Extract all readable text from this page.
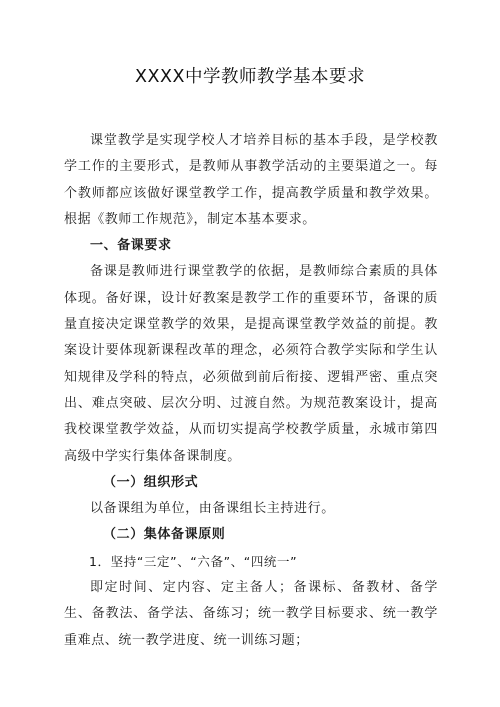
XXXX中学教师教学基本要求

课堂教学是实现学校人才培养目标的基本手段，是学校教学工作的主要形式，是教师从事教学活动的主要渠道之一。每个教师都应该做好课堂教学工作，提高教学质量和教学效果。根据《教师工作规范》，制定本基本要求。

一、备课要求

备课是教师进行课堂教学的依据，是教师综合素质的具体体现。备好课，设计好教案是教学工作的重要环节，备课的质量直接决定课堂教学的效果，是提高课堂教学效益的前提。教案设计要体现新课程改革的理念，必须符合教学实际和学生认知规律及学科的特点，必须做到前后衔接、逻辑严密、重点突出、难点突破、层次分明、过渡自然。为规范教案设计，提高我校课堂教学效益，从而切实提高学校教学质量，永城市第四高级中学实行集体备课制度。

（一）组织形式

以备课组为单位，由备课组长主持进行。

（二）集体备课原则

1．坚持“三定”、“六备”、“四统一”

即定时间、定内容、定主备人；备课标、备教材、备学生、备教法、备学法、备练习；统一教学目标要求、统一教学重难点、统一教学进度、统一训练习题；
